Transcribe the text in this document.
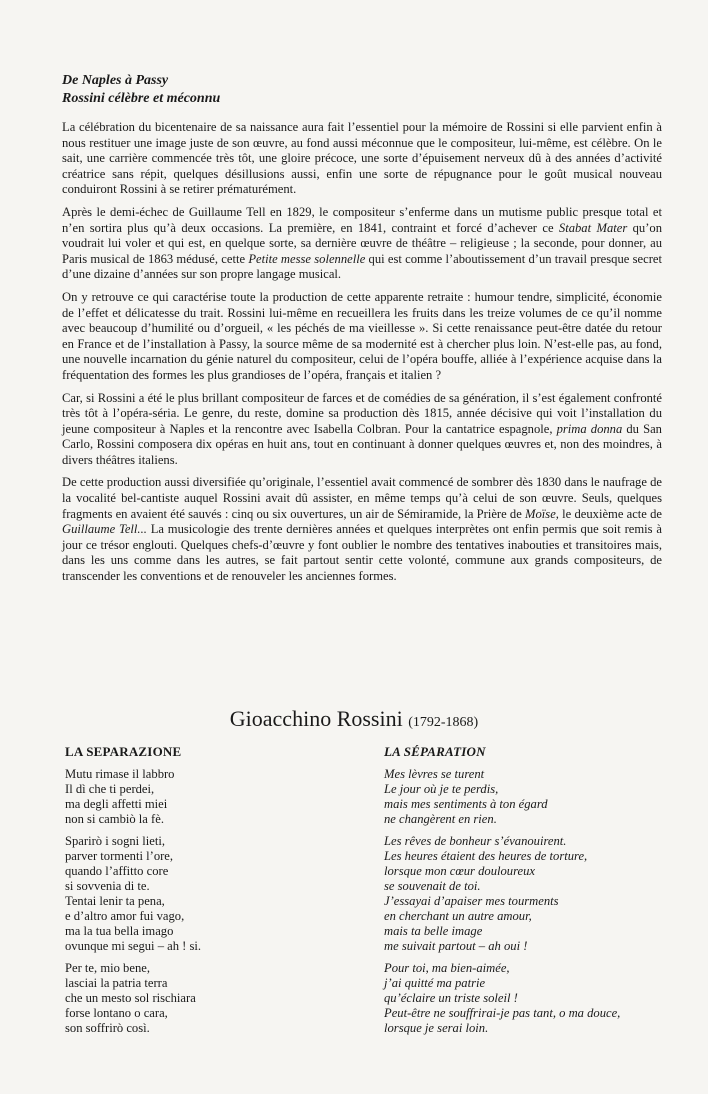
De Naples à Passy
Rossini célèbre et méconnu

La célébration du bicentenaire de sa naissance aura fait l’essentiel pour la mémoire de Rossini si elle parvient enfin à nous restituer une image juste de son œuvre, au fond aussi méconnue que le compositeur, lui-même, est célèbre. On le sait, une carrière commencée très tôt, une gloire précoce, une sorte d’épuisement nerveux dû à des années d’activité créatrice sans répit, quelques désillusions aussi, enfin une sorte de répugnance pour le goût musical nouveau conduiront Rossini à se retirer prématurément.

Après le demi-échec de Guillaume Tell en 1829, le compositeur s’enferme dans un mutisme public presque total et n’en sortira plus qu’à deux occasions. La première, en 1841, contraint et forcé d’achever ce Stabat Mater qu’on voudrait lui voler et qui est, en quelque sorte, sa dernière œuvre de théâtre – religieuse ; la seconde, pour donner, au Paris musical de 1863 médusé, cette Petite messe solennelle qui est comme l’aboutissement d’un travail presque secret d’une dizaine d’années sur son propre langage musical.

On y retrouve ce qui caractérise toute la production de cette apparente retraite : humour tendre, simplicité, économie de l’effet et délicatesse du trait. Rossini lui-même en recueillera les fruits dans les treize volumes de ce qu’il nomme avec beaucoup d’humilité ou d’orgueil, « les péchés de ma vieillesse ». Si cette renaissance peut-être datée du retour en France et de l’installation à Passy, la source même de sa modernité est à chercher plus loin. N’est-elle pas, au fond, une nouvelle incarnation du génie naturel du compositeur, celui de l’opéra bouffe, alliée à l’expérience acquise dans la fréquentation des formes les plus grandioses de l’opéra, français et italien ?

Car, si Rossini a été le plus brillant compositeur de farces et de comédies de sa génération, il s’est également confronté très tôt à l’opéra-séria. Le genre, du reste, domine sa production dès 1815, année décisive qui voit l’installation du jeune compositeur à Naples et la rencontre avec Isabella Colbran. Pour la cantatrice espagnole, prima donna du San Carlo, Rossini composera dix opéras en huit ans, tout en continuant à donner quelques œuvres et, non des moindres, à divers théâtres italiens.

De cette production aussi diversifiée qu’originale, l’essentiel avait commencé de sombrer dès 1830 dans le naufrage de la vocalité bel-cantiste auquel Rossini avait dû assister, en même temps qu’à celui de son œuvre. Seuls, quelques fragments en avaient été sauvés : cinq ou six ouvertures, un air de Sémiramide, la Prière de Moïse, le deuxième acte de Guillaume Tell... La musicologie des trente dernières années et quelques interprètes ont enfin permis que soit remis à jour ce trésor englouti. Quelques chefs-d’œuvre y font oublier le nombre des tentatives inabouties et transitoires mais, dans les uns comme dans les autres, se fait partout sentir cette volonté, commune aux grands compositeurs, de transcender les conventions et de renouveler les anciennes formes.

Gioacchino Rossini (1792-1868)
LA SEPARAZIONE
Mutu rimase il labbro
Il dì che ti perdei,
ma degli affetti miei
non si cambiò la fè.
Sparirò i sogni lieti,
parver tormenti l’ore,
quando l’affitto core
si sovvenia di te.
Tentai lenir ta pena,
e d’altro amor fui vago,
ma la tua bella imago
ovunque mi segui – ah ! si.
Per te, mio bene,
lasciai la patria terra
che un mesto sol rischiara
forse lontano o cara,
son soffrirò così.
LA SÉPARATION
Mes lèvres se turent
Le jour où je te perdis,
mais mes sentiments à ton égard
ne changèrent en rien.
Les rêves de bonheur s’évanouirent.
Les heures étaient des heures de torture,
lorsque mon cœur douloureux
se souvenait de toi.
J’essayai d’apaiser mes tourments
en cherchant un autre amour,
mais ta belle image
me suivait partout – ah oui !
Pour toi, ma bien-aimée,
j’ai quitté ma patrie
qu’éclaire un triste soleil !
Peut-être ne souffrirai-je pas tant, o ma douce,
lorsque je serai loin.
